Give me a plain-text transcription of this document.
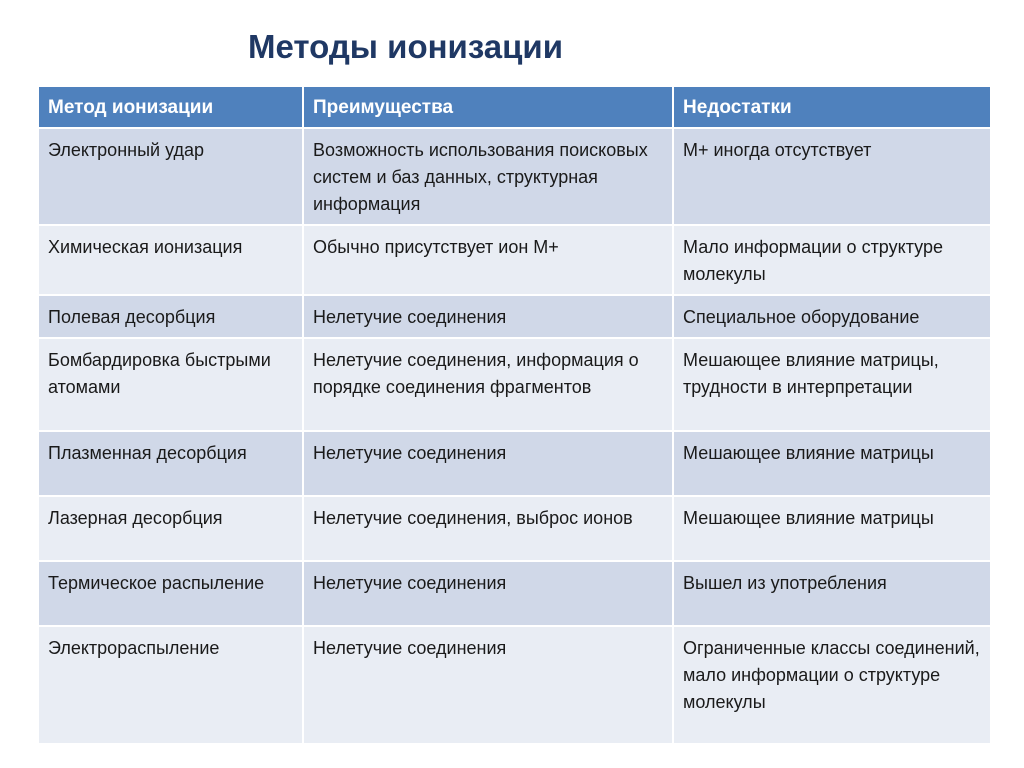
Методы ионизации
Метод ионизации	Преимущества	Недостатки
Электронный удар	Возможность использования поисковых систем и баз данных, структурная информация	M+ иногда отсутствует
Химическая ионизация	Обычно присутствует ион M+	Мало информации о структуре молекулы
Полевая десорбция	Нелетучие соединения	Специальное оборудование
Бомбардировка быстрыми атомами	Нелетучие соединения, информация о порядке соединения фрагментов	Мешающее влияние матрицы, трудности в интерпретации
Плазменная десорбция	Нелетучие соединения	Мешающее влияние матрицы
Лазерная десорбция	Нелетучие соединения, выброс ионов	Мешающее влияние матрицы
Термическое распыление	Нелетучие соединения	Вышел из употребления
Электрораспыление	Нелетучие соединения	Ограниченные классы соединений, мало информации о структуре молекулы
